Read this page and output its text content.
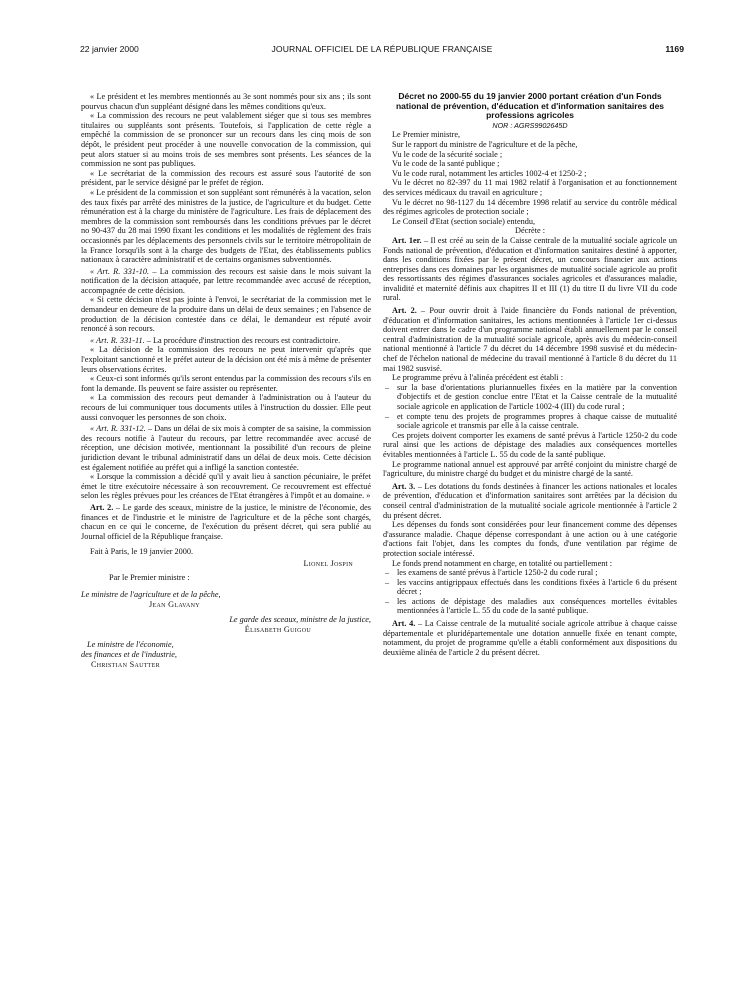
22 janvier 2000	JOURNAL OFFICIEL DE LA RÉPUBLIQUE FRANÇAISE	1169

« Le président et les membres mentionnés au 3e sont nommés pour six ans ; ils sont pourvus chacun d'un suppléant désigné dans les mêmes conditions qu'eux.

« La commission des recours ne peut valablement siéger que si tous ses membres titulaires ou suppléants sont présents. Toutefois, si l'application de cette règle a empêché la commission de se prononcer sur un recours dans les cinq mois de son dépôt, le président peut procéder à une nouvelle convocation de la commission, qui peut alors statuer si au moins trois de ses membres sont présents. Les séances de la commission ne sont pas publiques.

« Le secrétariat de la commission des recours est assuré sous l'autorité de son président, par le service désigné par le préfet de région.

« Le président de la commission et son suppléant sont rémunérés à la vacation, selon des taux fixés par arrêté des ministres de la justice, de l'agriculture et du budget. Cette rémunération est à la charge du ministère de l'agriculture. Les frais de déplacement des membres de la commission sont remboursés dans les conditions prévues par le décret no 90-437 du 28 mai 1990 fixant les conditions et les modalités de règlement des frais occasionnés par les déplacements des personnels civils sur le territoire métropolitain de la France lorsqu'ils sont à la charge des budgets de l'Etat, des établissements publics nationaux à caractère administratif et de certains organismes subventionnés.

« Art. R. 331-10. – La commission des recours est saisie dans le mois suivant la notification de la décision attaquée, par lettre recommandée avec accusé de réception, accompagnée de cette décision.

« Si cette décision n'est pas jointe à l'envoi, le secrétariat de la commission met le demandeur en demeure de la produire dans un délai de deux semaines ; en l'absence de production de la décision contestée dans ce délai, le demandeur est réputé avoir renoncé à son recours.

« Art. R. 331-11. – La procédure d'instruction des recours est contradictoire.

« La décision de la commission des recours ne peut intervenir qu'après que l'exploitant sanctionné et le préfet auteur de la décision ont été mis à même de présenter leurs observations écrites.

« Ceux-ci sont informés qu'ils seront entendus par la commission des recours s'ils en font la demande. Ils peuvent se faire assister ou représenter.

« La commission des recours peut demander à l'administration ou à l'auteur du recours de lui communiquer tous documents utiles à l'instruction du dossier. Elle peut aussi convoquer les personnes de son choix.

« Art. R. 331-12. – Dans un délai de six mois à compter de sa saisine, la commission des recours notifie à l'auteur du recours, par lettre recommandée avec accusé de réception, une décision motivée, mentionnant la possibilité d'un recours de pleine juridiction devant le tribunal administratif dans un délai de deux mois. Cette décision est également notifiée au préfet qui a infligé la sanction contestée.

« Lorsque la commission a décidé qu'il y avait lieu à sanction pécuniaire, le préfet émet le titre exécutoire nécessaire à son recouvrement. Ce recouvrement est effectué selon les règles prévues pour les créances de l'Etat étrangères à l'impôt et au domaine. »

Art. 2. – Le garde des sceaux, ministre de la justice, le ministre de l'économie, des finances et de l'industrie et le ministre de l'agriculture et de la pêche sont chargés, chacun en ce qui le concerne, de l'exécution du présent décret, qui sera publié au Journal officiel de la République française.

Fait à Paris, le 19 janvier 2000.

Lionel Jospin

Par le Premier ministre :

Le ministre de l'agriculture et de la pêche,

Jean Glavany

Le garde des sceaux, ministre de la justice,

Élisabeth Guigou

Le ministre de l'économie,

des finances et de l'industrie,

Christian Sautter

Décret no 2000-55 du 19 janvier 2000 portant création d'un Fonds national de prévention, d'éducation et d'information sanitaires des professions agricoles

NOR : AGRS9902645D

Le Premier ministre,

Sur le rapport du ministre de l'agriculture et de la pêche,

Vu le code de la sécurité sociale ;

Vu le code de la santé publique ;

Vu le code rural, notamment les articles 1002-4 et 1250-2 ;

Vu le décret no 82-397 du 11 mai 1982 relatif à l'organisation et au fonctionnement des services médicaux du travail en agriculture ;

Vu le décret no 98-1127 du 14 décembre 1998 relatif au service du contrôle médical des régimes agricoles de protection sociale ;

Le Conseil d'Etat (section sociale) entendu,

Décrète :

Art. 1er. – Il est créé au sein de la Caisse centrale de la mutualité sociale agricole un Fonds national de prévention, d'éducation et d'information sanitaires destiné à apporter, dans les conditions fixées par le présent décret, un concours financier aux actions entreprises dans ces domaines par les organismes de mutualité sociale agricole au profit des ressortissants des régimes d'assurances sociales agricoles et d'assurances maladie, invalidité et maternité définis aux chapitres II et III (1) du titre II du livre VII du code rural.

Art. 2. – Pour ouvrir droit à l'aide financière du Fonds national de prévention, d'éducation et d'information sanitaires, les actions mentionnées à l'article 1er ci-dessus doivent entrer dans le cadre d'un programme national établi annuellement par le conseil central d'administration de la mutualité sociale agricole, après avis du médecin-conseil national mentionné à l'article 7 du décret du 14 décembre 1998 susvisé et du médecin-chef de l'échelon national de médecine du travail mentionné à l'article 8 du décret du 11 mai 1982 susvisé.

Le programme prévu à l'alinéa précédent est établi :

– sur la base d'orientations pluriannuelles fixées en la matière par la convention d'objectifs et de gestion conclue entre l'Etat et la Caisse centrale de la mutualité sociale agricole en application de l'article 1002-4 (III) du code rural ;
– et compte tenu des projets de programmes propres à chaque caisse de mutualité sociale agricole et transmis par elle à la caisse centrale.

Ces projets doivent comporter les examens de santé prévus à l'article 1250-2 du code rural ainsi que les actions de dépistage des maladies aux conséquences mortelles évitables mentionnées à l'article L. 55 du code de la santé publique.

Le programme national annuel est approuvé par arrêté conjoint du ministre chargé de l'agriculture, du ministre chargé du budget et du ministre chargé de la santé.

Art. 3. – Les dotations du fonds destinées à financer les actions nationales et locales de prévention, d'éducation et d'information sanitaires sont arrêtées par la décision du conseil central d'administration de la mutualité sociale agricole mentionnée à l'article 2 du présent décret.

Les dépenses du fonds sont considérées pour leur financement comme des dépenses d'assurance maladie. Chaque dépense correspondant à une action ou à une catégorie d'actions fait l'objet, dans les comptes du fonds, d'une ventilation par régime de protection sociale intéressé.

Le fonds prend notamment en charge, en totalité ou partiellement :

– les examens de santé prévus à l'article 1250-2 du code rural ;
– les vaccins antigrippaux effectués dans les conditions fixées à l'article 6 du présent décret ;
– les actions de dépistage des maladies aux conséquences mortelles évitables mentionnées à l'article L. 55 du code de la santé publique.

Art. 4. – La Caisse centrale de la mutualité sociale agricole attribue à chaque caisse départementale et pluridépartementale une dotation annuelle fixée en tenant compte, notamment, du projet de programme qu'elle a établi conformément aux dispositions du deuxième alinéa de l'article 2 du présent décret.
